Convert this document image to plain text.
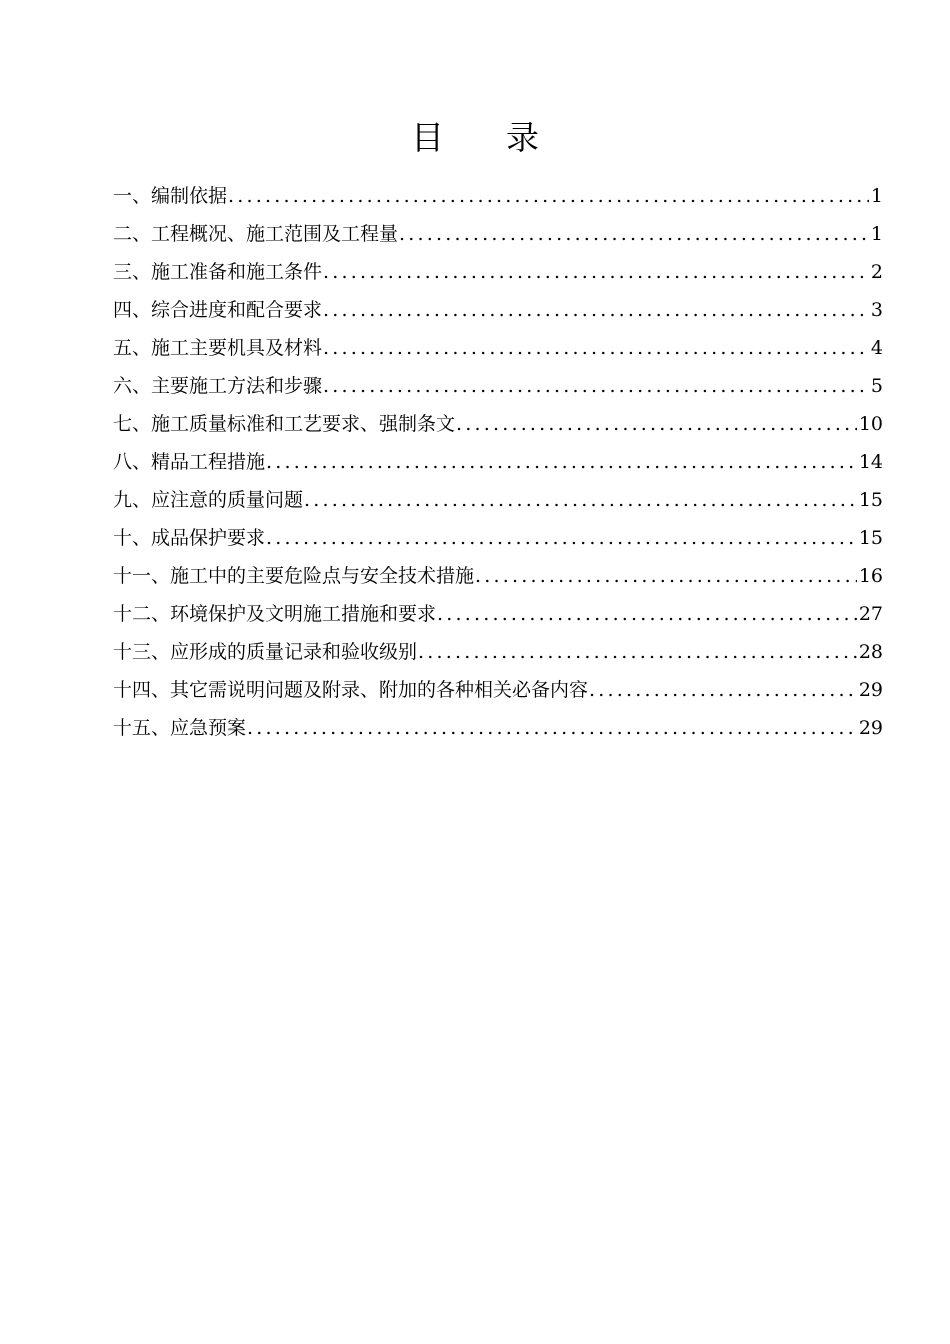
目 录
一、编制依据 .....	1
二、工程概况、施工范围及工程量 .....	1
三、施工准备和施工条件 .....	2
四、综合进度和配合要求 .....	3
五、施工主要机具及材料 .....	4
六、主要施工方法和步骤 .....	5
七、施工质量标准和工艺要求、强制条文 .....	10
八、精品工程措施 .....	14
九、应注意的质量问题 .....	15
十、成品保护要求 .....	15
十一、施工中的主要危险点与安全技术措施 .....	16
十二、环境保护及文明施工措施和要求 .....	27
十三、应形成的质量记录和验收级别 .....	28
十四、其它需说明问题及附录、附加的各种相关必备内容 .....	29
十五、应急预案 .....	29
